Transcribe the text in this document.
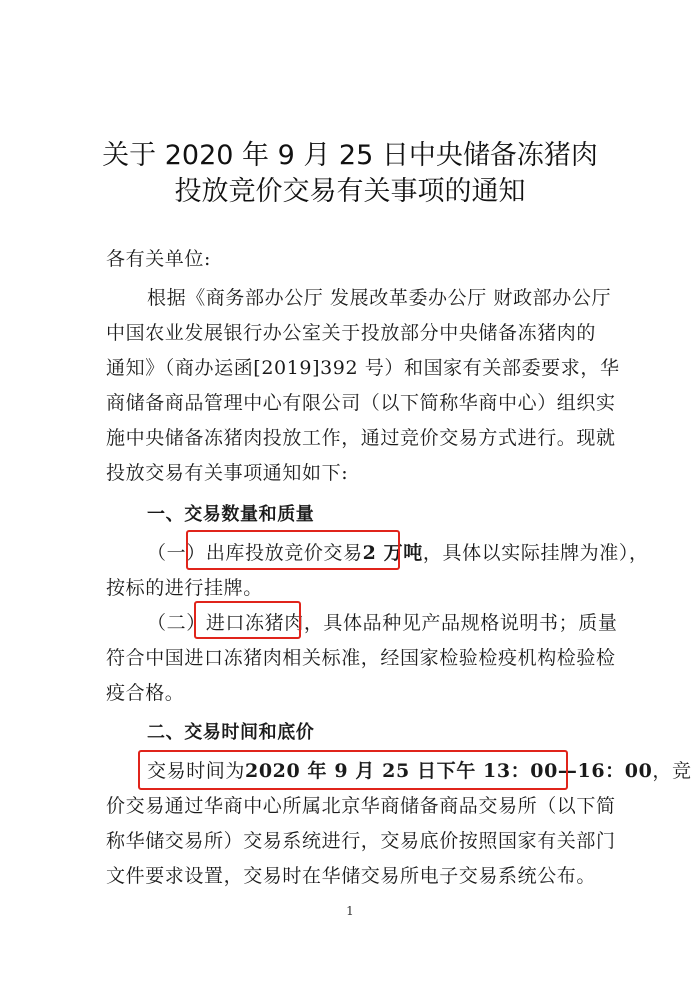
关于 2020 年 9 月 25 日中央储备冻猪肉
投放竞价交易有关事项的通知
各有关单位:
根据《商务部办公厅 发展改革委办公厅 财政部办公厅
中国农业发展银行办公室关于投放部分中央储备冻猪肉的
通知》（商办运函[2019]392 号）和国家有关部委要求，华
商储备商品管理中心有限公司（以下简称华商中心）组织实
施中央储备冻猪肉投放工作，通过竞价交易方式进行。现就
投放交易有关事项通知如下:
一、交易数量和质量
（一）出库投放竞价交易2 万吨，具体以实际挂牌为准），
按标的进行挂牌。
（二）进口冻猪肉，具体品种见产品规格说明书；质量
符合中国进口冻猪肉相关标准，经国家检验检疫机构检验检
疫合格。
二、交易时间和底价
交易时间为2020 年 9 月 25 日下午 13：00—16：00，竞
价交易通过华商中心所属北京华商储备商品交易所（以下简
称华储交易所）交易系统进行，交易底价按照国家有关部门
文件要求设置，交易时在华储交易所电子交易系统公布。
1
